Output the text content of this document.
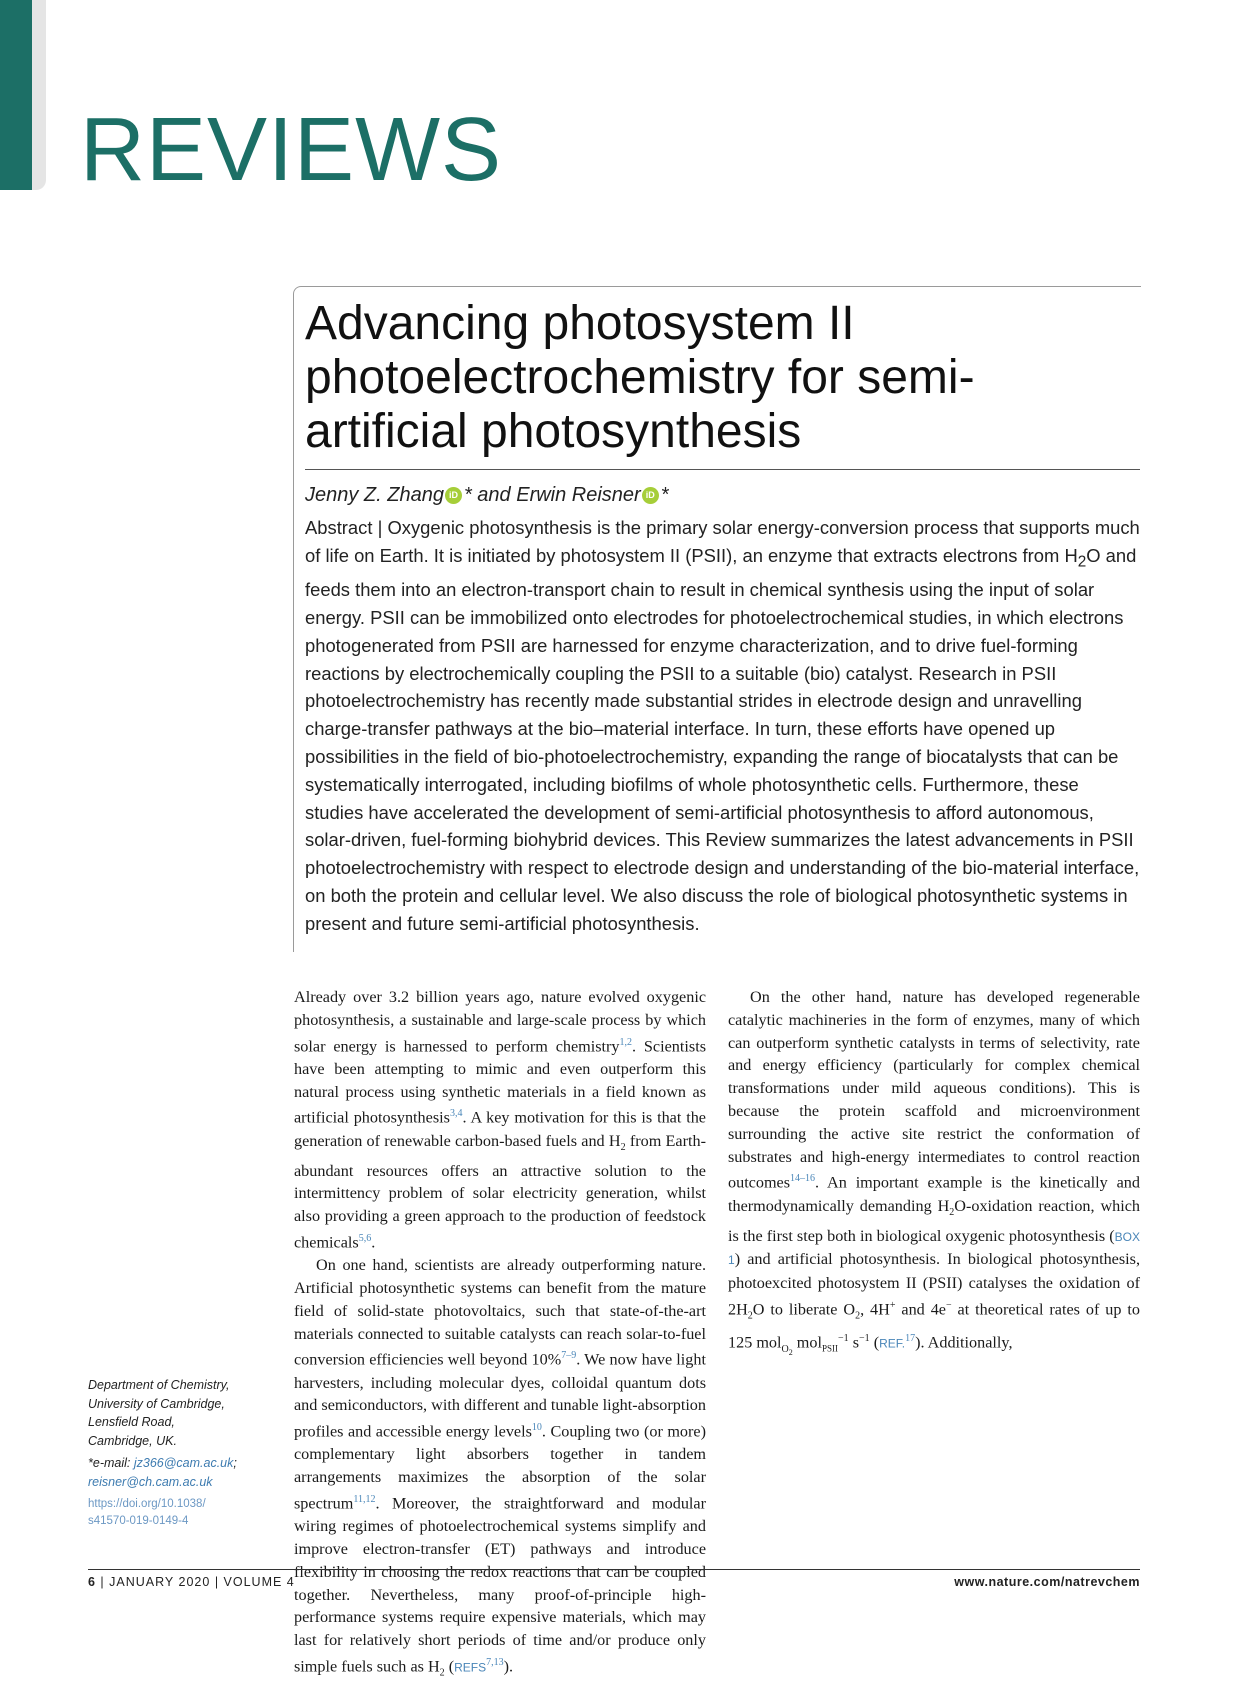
REVIEWS
Advancing photosystem II photoelectrochemistry for semi-artificial photosynthesis
Jenny Z. Zhang iD * and Erwin Reisner iD *

Abstract | Oxygenic photosynthesis is the primary solar energy-conversion process that supports much of life on Earth. It is initiated by photosystem II (PSII), an enzyme that extracts electrons from $H_2O$ and feeds them into an electron-transport chain to result in chemical synthesis using the input of solar energy. PSII can be immobilized onto electrodes for photoelectrochemical studies, in which electrons photogenerated from PSII are harnessed for enzyme characterization, and to drive fuel-forming reactions by electrochemically coupling the PSII to a suitable (bio) catalyst. Research in PSII photoelectrochemistry has recently made substantial strides in electrode design and unravelling charge-transfer pathways at the bio–material interface. In turn, these efforts have opened up possibilities in the field of bio-photoelectrochemistry, expanding the range of biocatalysts that can be systematically interrogated, including biofilms of whole photosynthetic cells. Furthermore, these studies have accelerated the development of semi-artificial photosynthesis to afford autonomous, solar-driven, fuel-forming biohybrid devices. This Review summarizes the latest advancements in PSII photoelectrochemistry with respect to electrode design and understanding of the bio-material interface, on both the protein and cellular level. We also discuss the role of biological photosynthetic systems in present and future semi-artificial photosynthesis.

Department of Chemistry,
University of Cambridge,
Lensfield Road,
Cambridge, UK.
*e-mail: jz366@cam.ac.uk;
reisner@ch.cam.ac.uk
https://doi.org/10.1038/
s41570-019-0149-4

Already over 3.2 billion years ago, nature evolved oxygenic photosynthesis, a sustainable and large-scale process by which solar energy is harnessed to perform chemistry$^{1,2}$. Scientists have been attempting to mimic and even outperform this natural process using synthetic materials in a field known as artificial photosynthesis$^{3,4}$. A key motivation for this is that the generation of renewable carbon-based fuels and $H_2$ from Earth-abundant resources offers an attractive solution to the intermittency problem of solar electricity generation, whilst also providing a green approach to the production of feedstock chemicals$^{5,6}$.

On one hand, scientists are already outperforming nature. Artificial photosynthetic systems can benefit from the mature field of solid-state photovoltaics, such that state-of-the-art materials connected to suitable catalysts can reach solar-to-fuel conversion efficiencies well beyond 10%$^{7-9}$. We now have light harvesters, including molecular dyes, colloidal quantum dots and semiconductors, with different and tunable light-absorption profiles and accessible energy levels$^{10}$. Coupling two (or more) complementary light absorbers together in tandem arrangements maximizes the absorption of the solar spectrum$^{11,12}$. Moreover, the straightforward and modular wiring regimes of photoelectrochemical systems simplify and improve electron-transfer (ET) pathways and introduce flexibility in choosing the redox reactions that can be coupled together. Nevertheless, many proof-of-principle high-performance systems require expensive materials, which may last for relatively short periods of time and/or produce only simple fuels such as $H_2$ (REFS$^{7,13}$).

On the other hand, nature has developed regenerable catalytic machineries in the form of enzymes, many of which can outperform synthetic catalysts in terms of selectivity, rate and energy efficiency (particularly for complex chemical transformations under mild aqueous conditions). This is because the protein scaffold and microenvironment surrounding the active site restrict the conformation of substrates and high-energy intermediates to control reaction outcomes$^{14-16}$. An important example is the kinetically and thermodynamically demanding $H_2O$-oxidation reaction, which is the first step both in biological oxygenic photosynthesis (BOX 1) and artificial photosynthesis. In biological photosynthesis, photoexcited photosystem II (PSII) catalyses the oxidation of $2H_2O$ to liberate $O_2$, 4H+ and 4e− at theoretical rates of up to 125 mol$_{O_2}$ mol$_{PSII}^{-1}$ $s^{-1}$ (REF.$^{17}$). Additionally,

6 | JANUARY 2020 | VOLUME 4	www.nature.com/natrevchem
